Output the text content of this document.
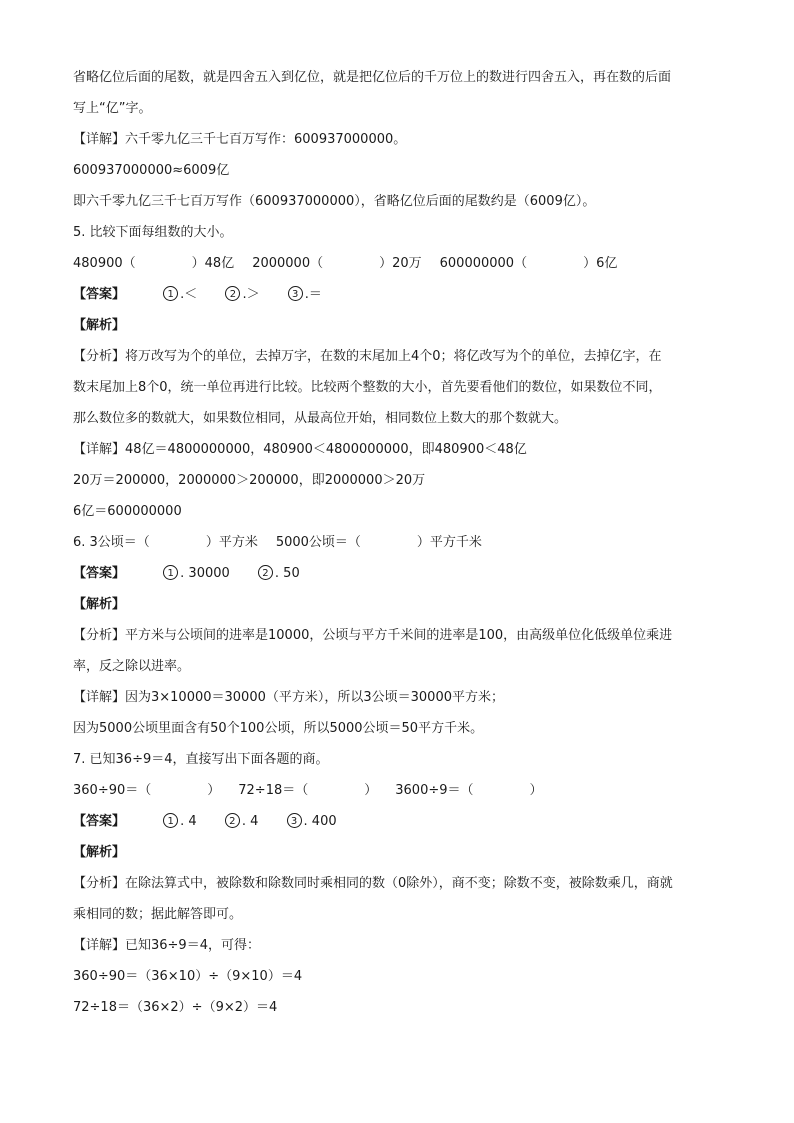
省略亿位后面的尾数，就是四舍五入到亿位，就是把亿位后的千万位上的数进行四舍五入，再在数的后面
写上“亿”字。
【详解】六千零九亿三千七百万写作：600937000000。
600937000000≈6009亿
即六千零九亿三千七百万写作（600937000000），省略亿位后面的尾数约是（6009亿）。
5. 比较下面每组数的大小。
480900（	）48亿 2000000（	）20万 600000000（	）6亿
【答案】	1 .＜	2 .＞	3 .＝
【解析】
【分析】将万改写为个的单位，去掉万字，在数的末尾加上4个0；将亿改写为个的单位，去掉亿字，在
数末尾加上8个0，统一单位再进行比较。比较两个整数的大小，首先要看他们的数位，如果数位不同，
那么数位多的数就大，如果数位相同，从最高位开始，相同数位上数大的那个数就大。
【详解】48亿＝4800000000，480900＜4800000000，即480900＜48亿
20万＝200000，2000000＞200000，即2000000＞20万
6亿＝600000000
6. 3公顷＝（	）平方米 5000公顷＝（	）平方千米
【答案】	1 . 30000	2 . 50
【解析】
【分析】平方米与公顷间的进率是10000，公顷与平方千米间的进率是100，由高级单位化低级单位乘进
率，反之除以进率。
【详解】因为3×10000＝30000（平方米），所以3公顷＝30000平方米；
因为5000公顷里面含有50个100公顷，所以5000公顷＝50平方千米。
7. 已知36÷9＝4，直接写出下面各题的商。
360÷90＝（	） 72÷18＝（	） 3600÷9＝（	）
【答案】	1 . 4	2 . 4	3 . 400
【解析】
【分析】在除法算式中，被除数和除数同时乘相同的数（0除外），商不变；除数不变，被除数乘几，商就
乘相同的数；据此解答即可。
【详解】已知36÷9＝4，可得：
360÷90＝（36×10）÷（9×10）＝4
72÷18＝（36×2）÷（9×2）＝4
